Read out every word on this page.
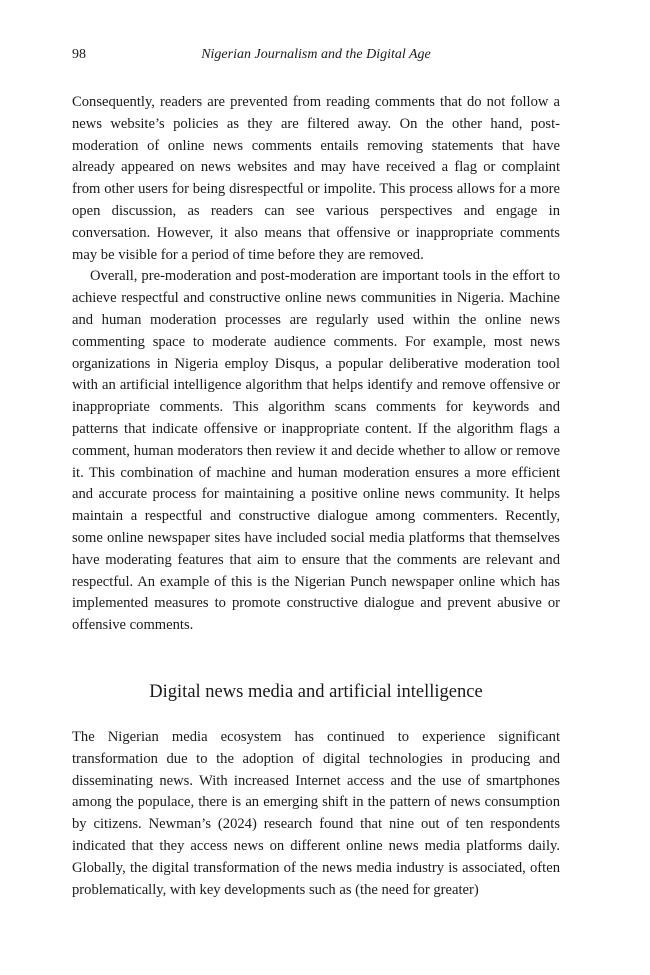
98	Nigerian Journalism and the Digital Age

Consequently, readers are prevented from reading comments that do not follow a news website’s policies as they are filtered away. On the other hand, post-moderation of online news comments entails removing statements that have already appeared on news websites and may have received a flag or complaint from other users for being disrespectful or impolite. This process allows for a more open discussion, as readers can see various perspectives and engage in conversation. However, it also means that offensive or inappropriate comments may be visible for a period of time before they are removed.

Overall, pre-moderation and post-moderation are important tools in the effort to achieve respectful and constructive online news communities in Nigeria. Machine and human moderation processes are regularly used within the online news commenting space to moderate audience comments. For example, most news organizations in Nigeria employ Disqus, a popular deliberative moderation tool with an artificial intelligence algorithm that helps identify and remove offensive or inappropriate comments. This algorithm scans comments for keywords and patterns that indicate offensive or inappropriate content. If the algorithm flags a comment, human moderators then review it and decide whether to allow or remove it. This combination of machine and human moderation ensures a more efficient and accurate process for maintaining a positive online news community. It helps maintain a respectful and constructive dialogue among commenters. Recently, some online newspaper sites have included social media platforms that themselves have moderating features that aim to ensure that the comments are relevant and respectful. An example of this is the Nigerian Punch newspaper online which has implemented measures to promote constructive dialogue and prevent abusive or offensive comments.

Digital news media and artificial intelligence

The Nigerian media ecosystem has continued to experience significant transformation due to the adoption of digital technologies in producing and disseminating news. With increased Internet access and the use of smartphones among the populace, there is an emerging shift in the pattern of news consumption by citizens. Newman’s (2024) research found that nine out of ten respondents indicated that they access news on different online news media platforms daily. Globally, the digital transformation of the news media industry is associated, often problematically, with key developments such as (the need for greater)
